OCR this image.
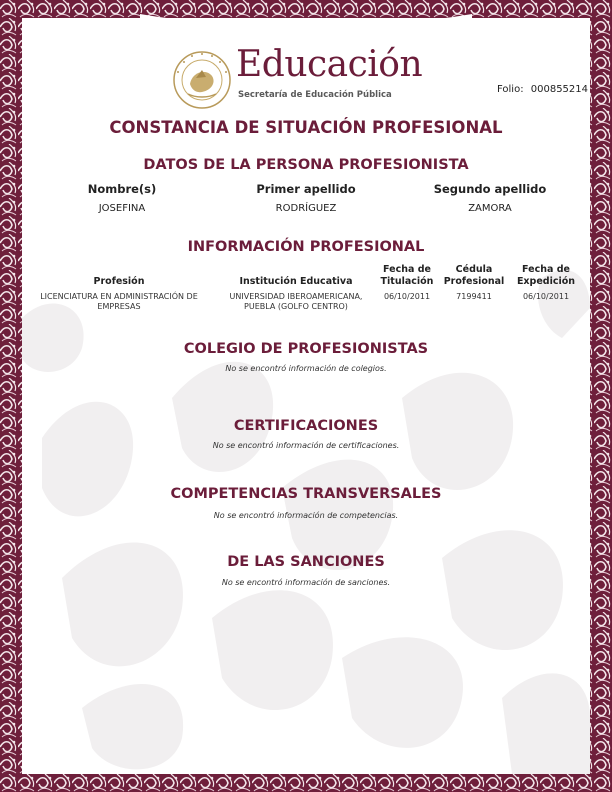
Educación
Secretaría de Educación Pública	Folio: 000855214
CONSTANCIA DE SITUACIÓN PROFESIONAL
DATOS DE LA PERSONA PROFESIONISTA
Nombre(s)
JOSEFINA
Primer apellido
RODRÍGUEZ
Segundo apellido
ZAMORA
INFORMACIÓN PROFESIONAL
Profesión
LICENCIATURA EN ADMINISTRACIÓN DE EMPRESAS
Institución Educativa
UNIVERSIDAD IBEROAMERICANA, PUEBLA (GOLFO CENTRO)
Fecha de Titulación
06/10/2011
Cédula Profesional
7199411
Fecha de Expedición
06/10/2011
COLEGIO DE PROFESIONISTAS
No se encontró información de colegios.
CERTIFICACIONES
No se encontró información de certificaciones.
COMPETENCIAS TRANSVERSALES
No se encontró información de competencias.
DE LAS SANCIONES
No se encontró información de sanciones.
